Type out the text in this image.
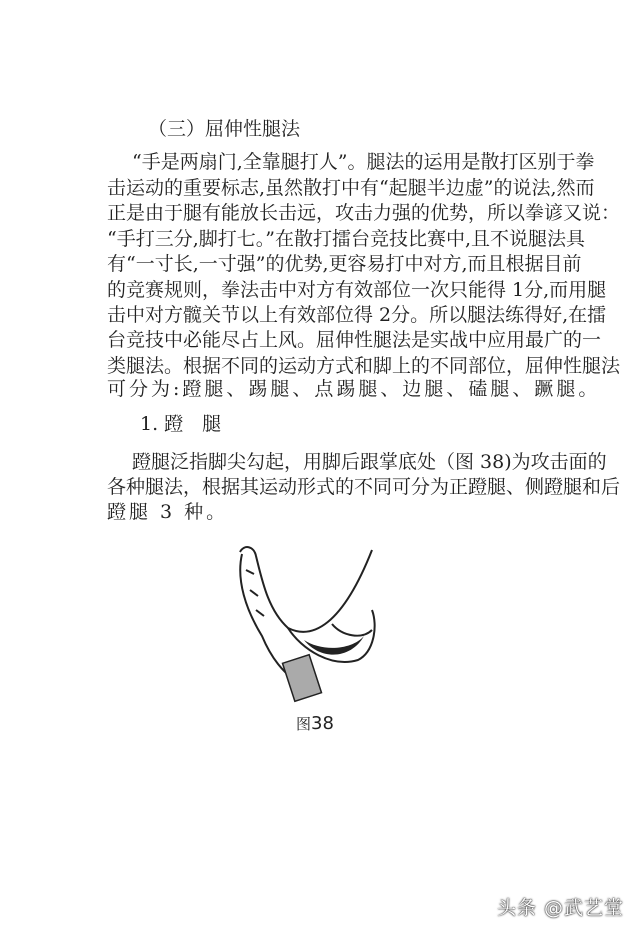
（三）屈伸性腿法
“手是两扇门,全靠腿打人”。腿法的运用是散打区别于拳
击运动的重要标志,虽然散打中有“起腿半边虚”的说法,然而
正是由于腿有能放长击远，攻击力强的优势，所以拳谚又说：
“手打三分,脚打七。”在散打擂台竞技比赛中,且不说腿法具
有“一寸长,一寸强”的优势,更容易打中对方,而且根据目前
的竞赛规则，拳法击中对方有效部位一次只能得 1分,而用腿
击中对方髋关节以上有效部位得 2分。所以腿法练得好,在擂
台竞技中必能尽占上风。屈伸性腿法是实战中应用最广的一
类腿法。根据不同的运动方式和脚上的不同部位，屈伸性腿法
可分为:蹬腿、踢腿、点踢腿、边腿、磕腿、蹶腿。
1. 蹬　腿
蹬腿泛指脚尖勾起，用脚后跟掌底处（图 38)为攻击面的
各种腿法，根据其运动形式的不同可分为正蹬腿、侧蹬腿和后
蹬腿 3 种。
图38
头条 @武艺堂
